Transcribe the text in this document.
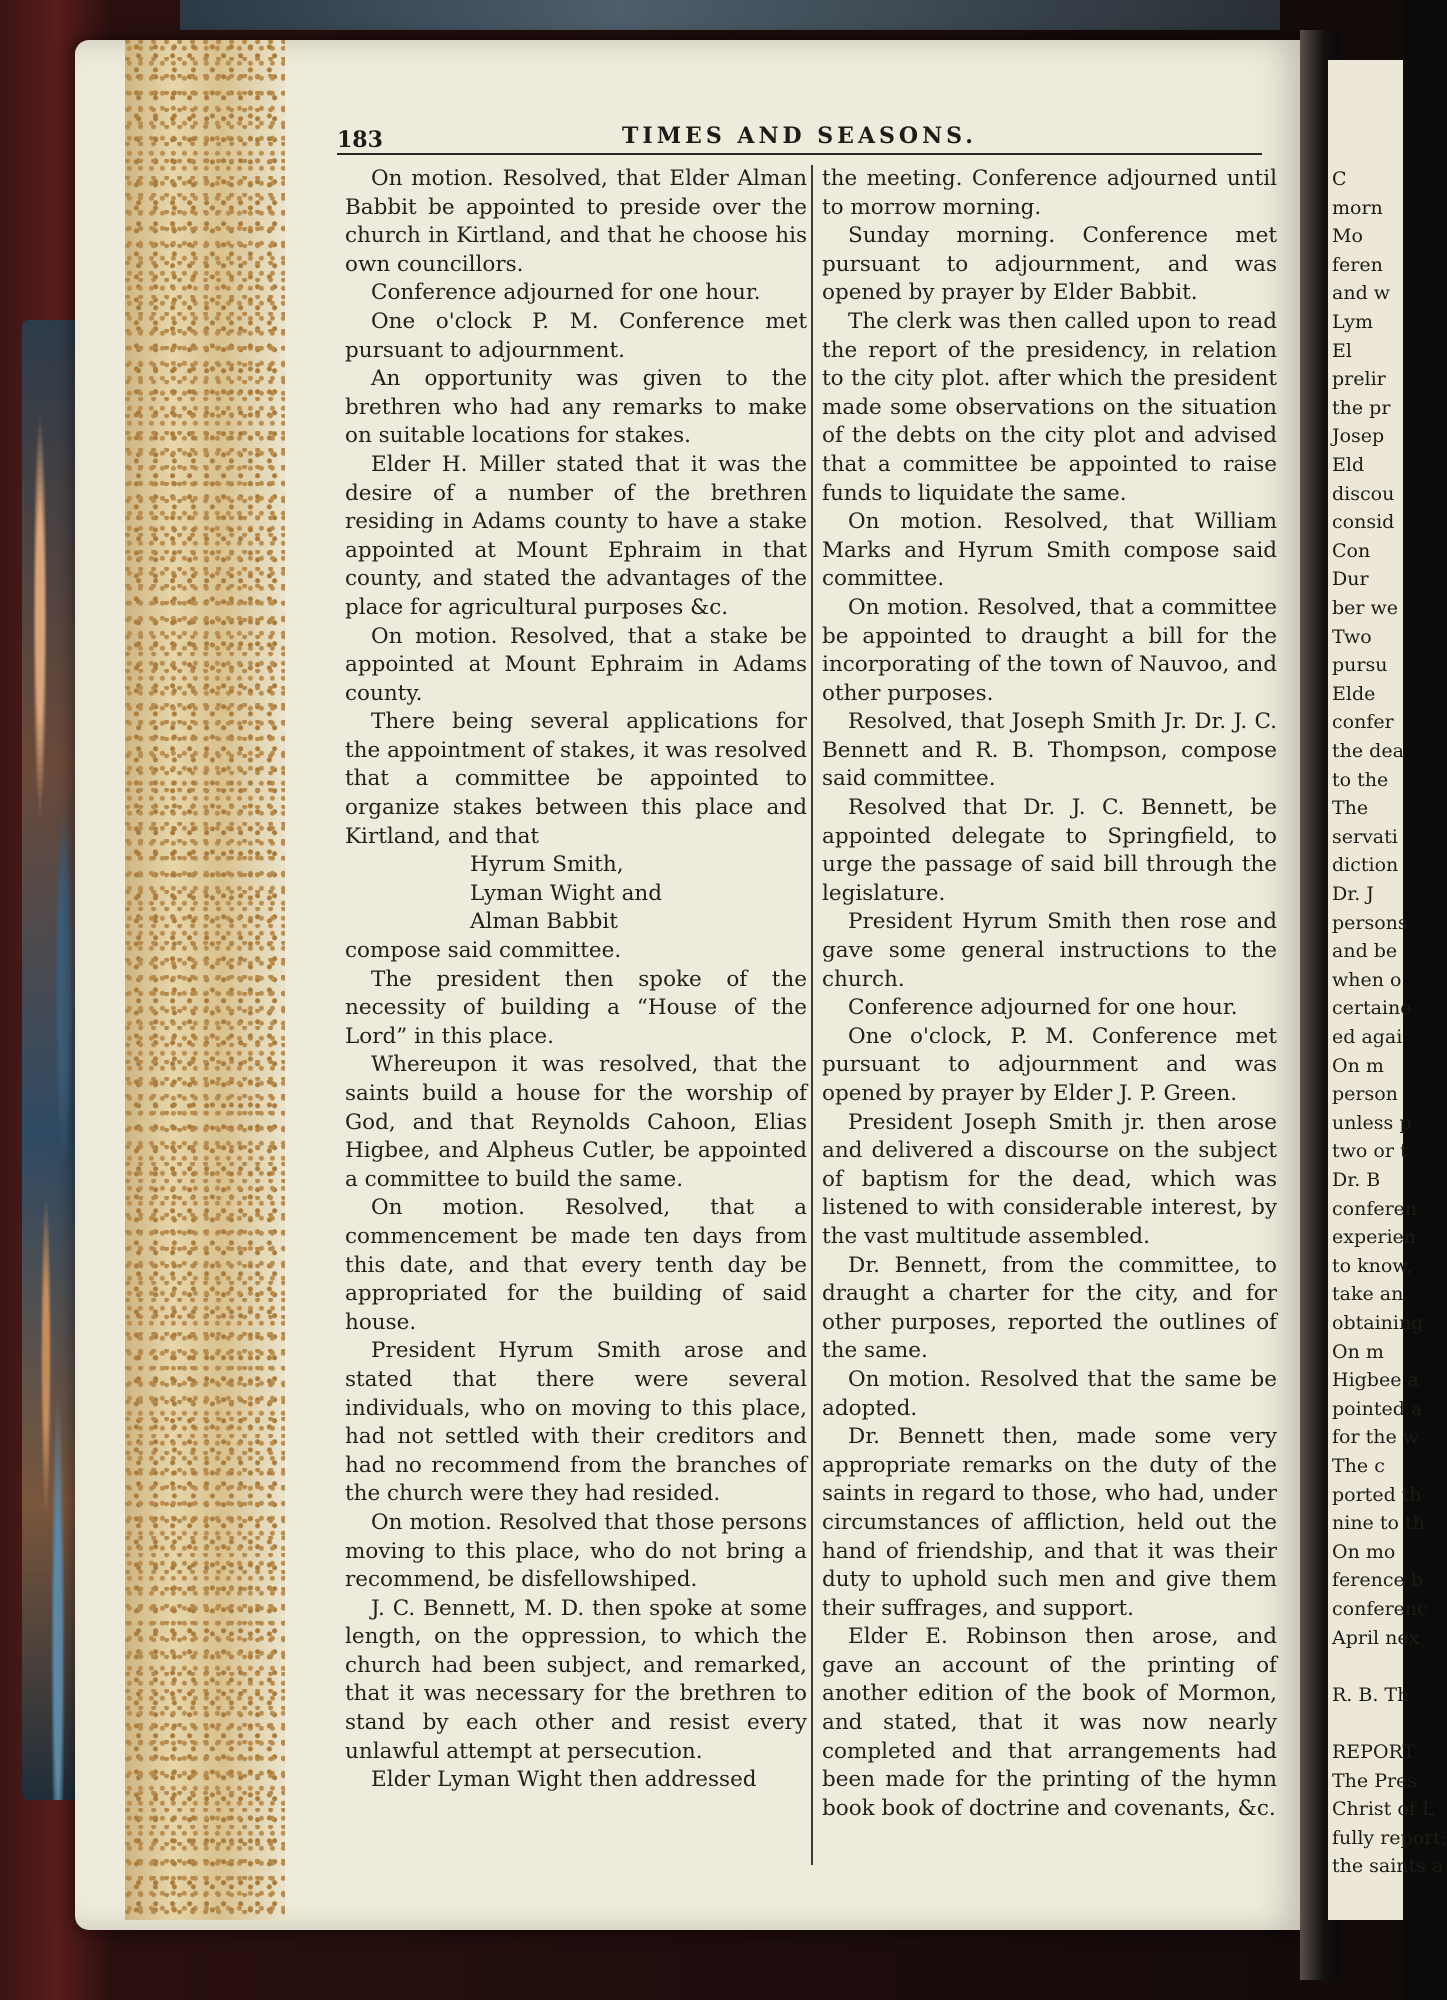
C
morn
Mo
feren
and w
Lym
El
prelir
the pr
Josep
Eld
discou
consid
Con
Dur
ber we
Two
pursu
Elde
confer
the dea
to the
The
servati
diction
Dr. J
persons
and be
when o
certaine
ed agai
On m
person
unless p
two or t
Dr. B
conferen
experien
to know,
take an
obtaining
On m
Higbee a
pointed a
for the w
The c
ported th
nine to th
On mo
ference b
conferenc
April nex
R. B. Th
REPORT
The Pres
Christ of L
fully report;
the saints a
183	TIMES AND SEASONS.

On motion. Resolved, that Elder Alman Babbit be appointed to preside over the church in Kirtland, and that he choose his own councillors.

Conference adjourned for one hour.

One o'clock P. M. Conference met pursuant to adjournment.

An opportunity was given to the brethren who had any remarks to make on suitable locations for stakes.

Elder H. Miller stated that it was the desire of a number of the brethren residing in Adams county to have a stake appointed at Mount Ephraim in that county, and stated the advantages of the place for agricultural purposes &c.

On motion. Resolved, that a stake be appointed at Mount Ephraim in Adams county.

There being several applications for the appointment of stakes, it was resolved that a committee be appointed to organize stakes between this place and Kirtland, and that

Hyrum Smith,
Lyman Wight and
Alman Babbit

compose said committee.

The president then spoke of the necessity of building a “House of the Lord” in this place.

Whereupon it was resolved, that the saints build a house for the worship of God, and that Reynolds Cahoon, Elias Higbee, and Alpheus Cutler, be appointed a committee to build the same.

On motion. Resolved, that a commencement be made ten days from this date, and that every tenth day be appropriated for the building of said house.

President Hyrum Smith arose and stated that there were several individuals, who on moving to this place, had not settled with their creditors and had no recommend from the branches of the church were they had resided.

On motion. Resolved that those persons moving to this place, who do not bring a recommend, be disfellowshiped.

J. C. Bennett, M. D. then spoke at some length, on the oppression, to which the church had been subject, and remarked, that it was necessary for the brethren to stand by each other and resist every unlawful attempt at persecution.

Elder Lyman Wight then addressed

the meeting. Conference adjourned until to morrow morning.

Sunday morning. Conference met pursuant to adjournment, and was opened by prayer by Elder Babbit.

The clerk was then called upon to read the report of the presidency, in relation to the city plot. after which the president made some observations on the situation of the debts on the city plot and advised that a committee be appointed to raise funds to liquidate the same.

On motion. Resolved, that William Marks and Hyrum Smith compose said committee.

On motion. Resolved, that a committee be appointed to draught a bill for the incorporating of the town of Nauvoo, and other purposes.

Resolved, that Joseph Smith Jr. Dr. J. C. Bennett and R. B. Thompson, compose said committee.

Resolved that Dr. J. C. Bennett, be appointed delegate to Springfield, to urge the passage of said bill through the legislature.

President Hyrum Smith then rose and gave some general instructions to the church.

Conference adjourned for one hour.

One o'clock, P. M. Conference met pursuant to adjournment and was opened by prayer by Elder J. P. Green.

President Joseph Smith jr. then arose and delivered a discourse on the subject of baptism for the dead, which was listened to with considerable interest, by the vast multitude assembled.

Dr. Bennett, from the committee, to draught a charter for the city, and for other purposes, reported the outlines of the same.

On motion. Resolved that the same be adopted.

Dr. Bennett then, made some very appropriate remarks on the duty of the saints in regard to those, who had, under circumstances of affliction, held out the hand of friendship, and that it was their duty to uphold such men and give them their suffrages, and support.

Elder E. Robinson then arose, and gave an account of the printing of another edition of the book of Mormon, and stated, that it was now nearly completed and that arrangements had been made for the printing of the hymn book book of doctrine and covenants, &c.
